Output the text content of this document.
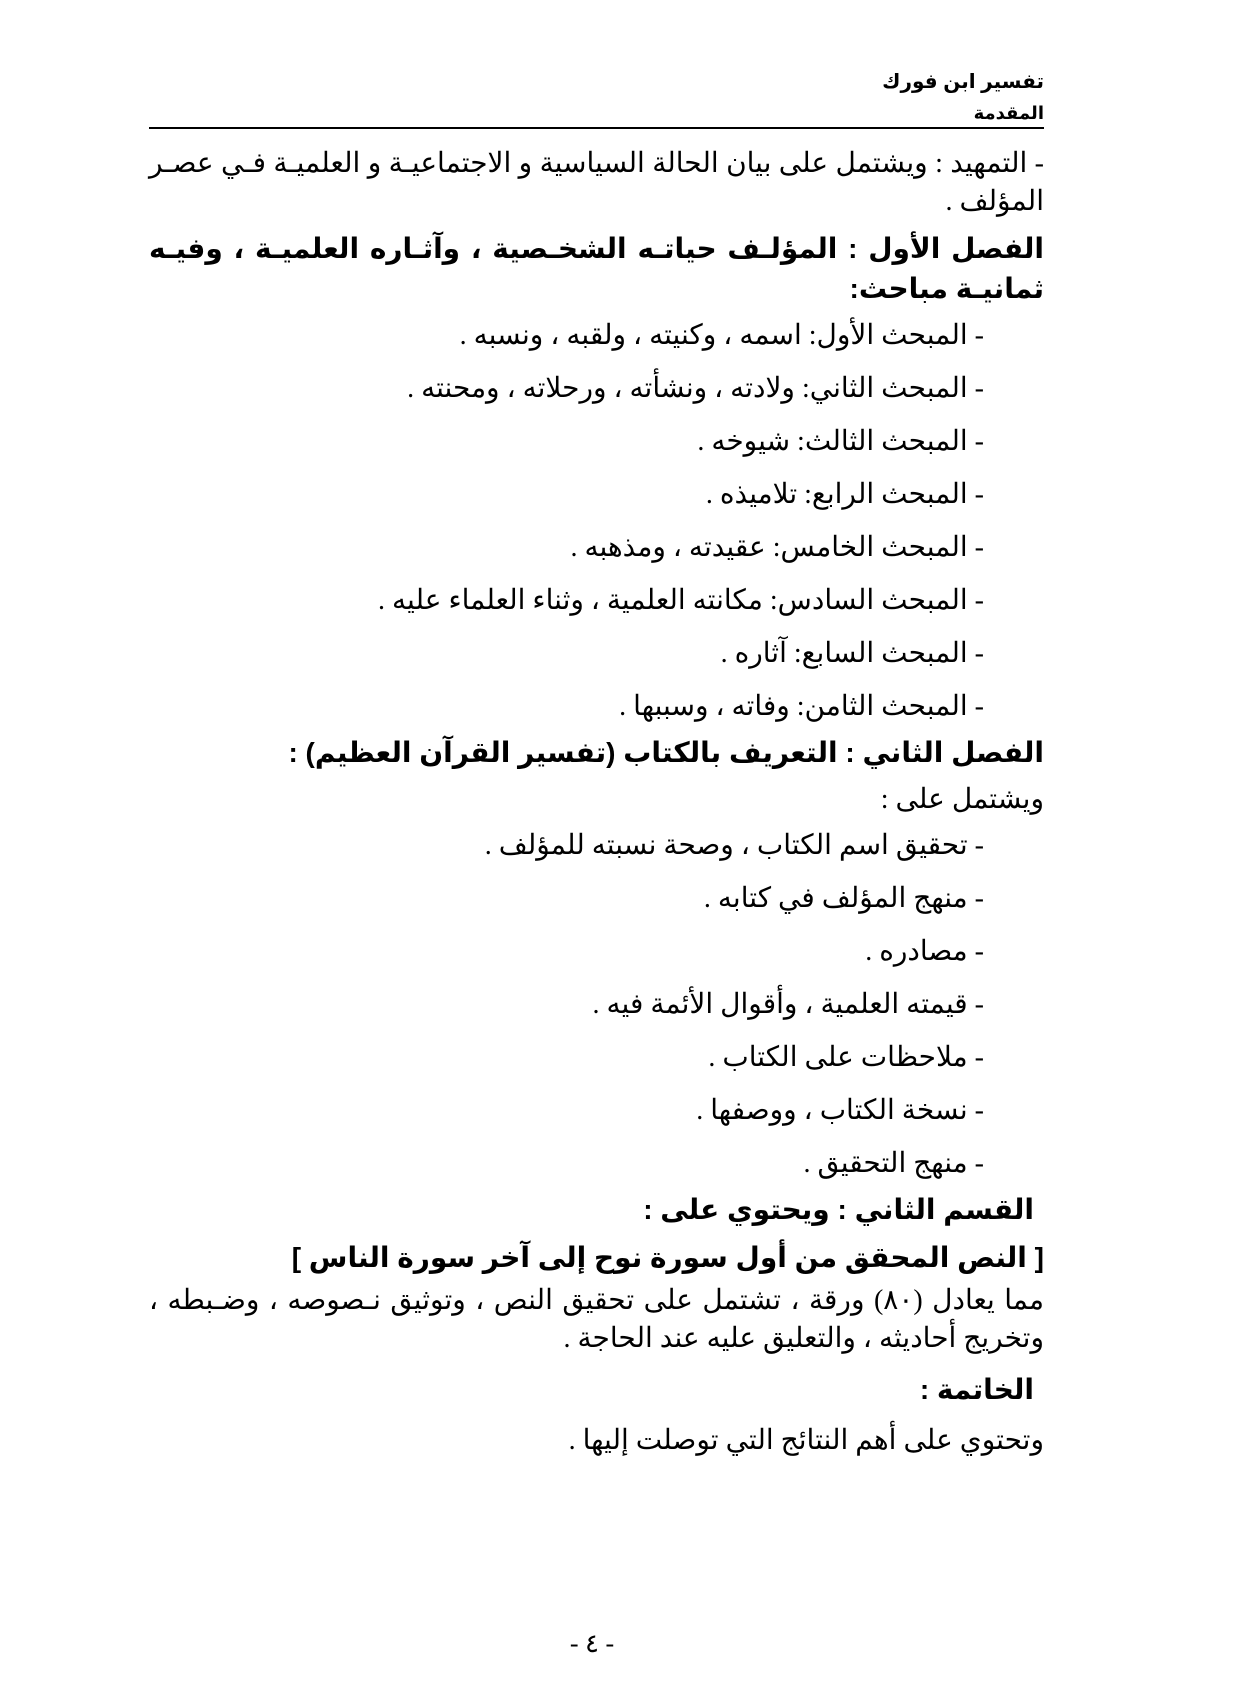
تفسير ابن فورك
المقدمة

- التمهيد : ويشتمل على بيان الحالة السياسية و الاجتماعيـة و العلميـة فـي عصـر المؤلف .

الفصل الأول : المؤلـف حياتـه الشخـصية ، وآثـاره العلميـة ، وفيـه ثمانيـة مباحث:

- المبحث الأول: اسمه ، وكنيته ، ولقبه ، ونسبه .
- المبحث الثاني: ولادته ، ونشأته ، ورحلاته ، ومحنته .
- المبحث الثالث: شيوخه .
- المبحث الرابع: تلاميذه .
- المبحث الخامس: عقيدته ، ومذهبه .
- المبحث السادس: مكانته العلمية ، وثناء العلماء عليه .
- المبحث السابع: آثاره .
- المبحث الثامن: وفاته ، وسببها .

الفصل الثاني : التعريف بالكتاب (تفسير القرآن العظيم) :

ويشتمل على :

- تحقيق اسم الكتاب ، وصحة نسبته للمؤلف .
- منهج المؤلف في كتابه .
- مصادره .
- قيمته العلمية ، وأقوال الأئمة فيه .
- ملاحظات على الكتاب .
- نسخة الكتاب ، ووصفها .
- منهج التحقيق .

القسم الثاني : ويحتوي على :

[ النص المحقق من أول سورة نوح إلى آخر سورة الناس ]

مما يعادل (٨٠) ورقة ، تشتمل على تحقيق النص ، وتوثيق نـصوصه ، وضـبطه ، وتخريج أحاديثه ، والتعليق عليه عند الحاجة .

الخاتمة :

وتحتوي على أهم النتائج التي توصلت إليها .

- ٤ -
